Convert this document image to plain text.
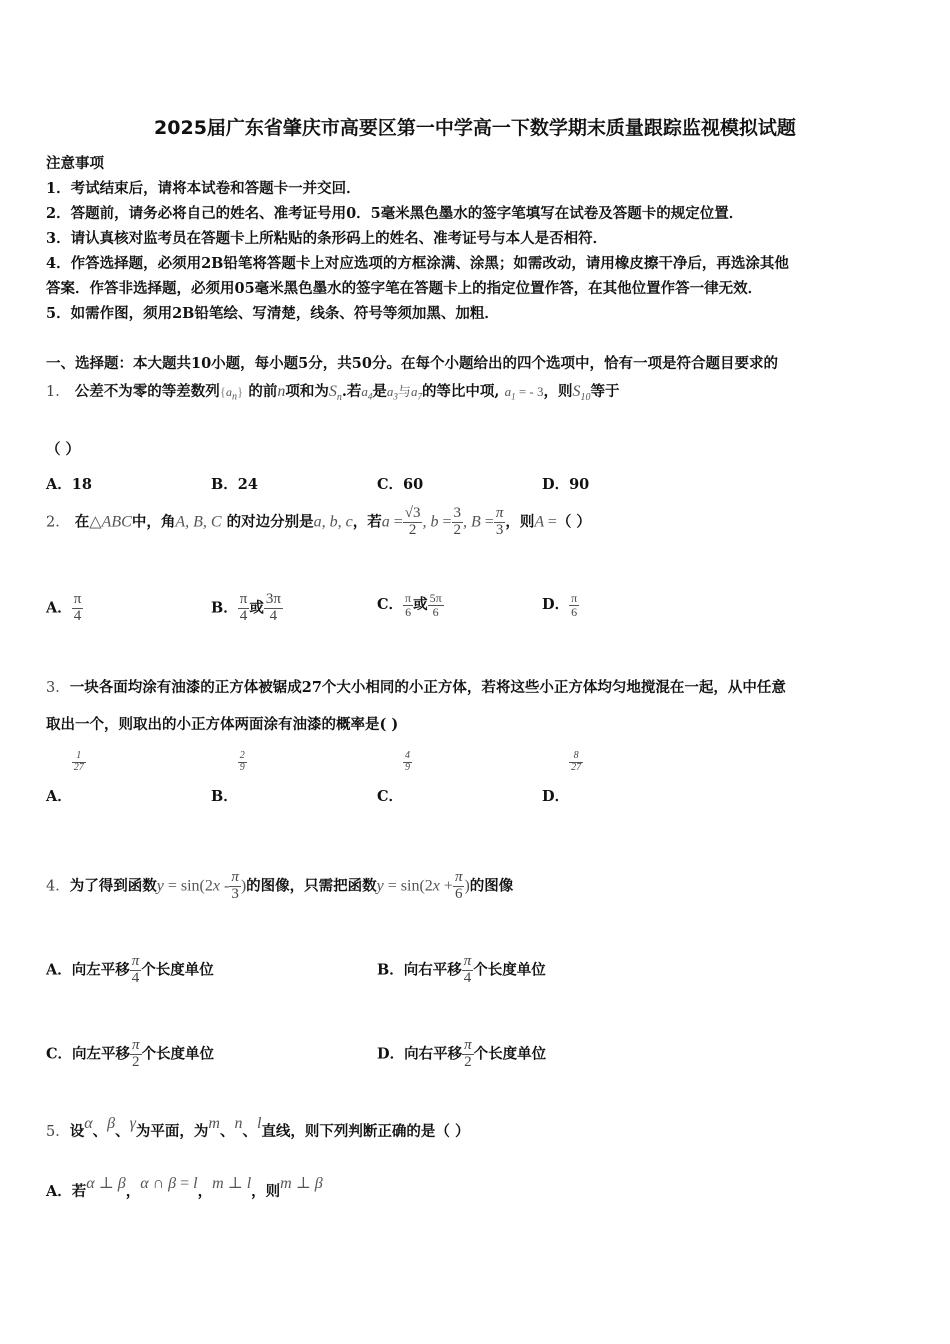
2025届广东省肇庆市高要区第一中学高一下数学期末质量跟踪监视模拟试题
注意事项
1．考试结束后，请将本试卷和答题卡一并交回．
2．答题前，请务必将自己的姓名、准考证号用0．5毫米黑色墨水的签字笔填写在试卷及答题卡的规定位置．
3．请认真核对监考员在答题卡上所粘贴的条形码上的姓名、准考证号与本人是否相符．
4．作答选择题，必须用2B铅笔将答题卡上对应选项的方框涂满、涂黑；如需改动，请用橡皮擦干净后，再选涂其他
答案．作答非选择题，必须用05毫米黑色墨水的签字笔在答题卡上的指定位置作答，在其他位置作答一律无效．
5．如需作图，须用2B铅笔绘、写清楚，线条、符号等须加黑、加粗．
一、选择题：本大题共10小题，每小题5分，共50分。在每个小题给出的四个选项中，恰有一项是符合题目要求的
1． 公差不为零的等差数列$\{a_n\}$ 的前n项和为$S_n$.若$a_4$是$a_3$与$a_7$的等比中项, $a_1$ = - 3，则$S_{10}$等于
（ ）
A．18	B．24	C．60	D．90
2． 在△ABC中，角A, B, C 的对边分别是a, b, c，若$a = \frac{√3}{2}$ , $b = \frac{3}{2}$ , $B = \frac{\pi}{3}$ ，则A =（ ）
A． $\frac{\pi}{4}$	B． $\frac{\pi}{4}$ 或 $\frac{3\pi}{4}$	C． $\frac{\pi}{6}$ 或 $\frac{5\pi}{6}$	D． $\frac{\pi}{6}$
3．一块各面均涂有油漆的正方体被锯成27个大小相同的小正方体，若将这些小正方体均匀地搅混在一起，从中任意
取出一个，则取出的小正方体两面涂有油漆的概率是( )
A．
$\frac{1}{27}$
B．
$\frac{2}{9}$
C．
$\frac{4}{9}$
D．
$\frac{8}{27}$
4．为了得到函数$y = \sin(2x - \frac{\pi}{3}$ )的图像，只需把函数$y = \sin(2x + \frac{\pi}{6}$ )的图像
A．向左平移 $\frac{\pi}{4}$ 个长度单位	B．向右平移 $\frac{\pi}{4}$ 个长度单位
C．向左平移 $\frac{\pi}{2}$ 个长度单位	D．向右平移 $\frac{\pi}{2}$ 个长度单位
5．设α、β、γ为平面，为m、n、l直线，则下列判断正确的是（ ）
A．若α ⊥ β，α ∩ β = l，m ⊥ l，则m ⊥ β
